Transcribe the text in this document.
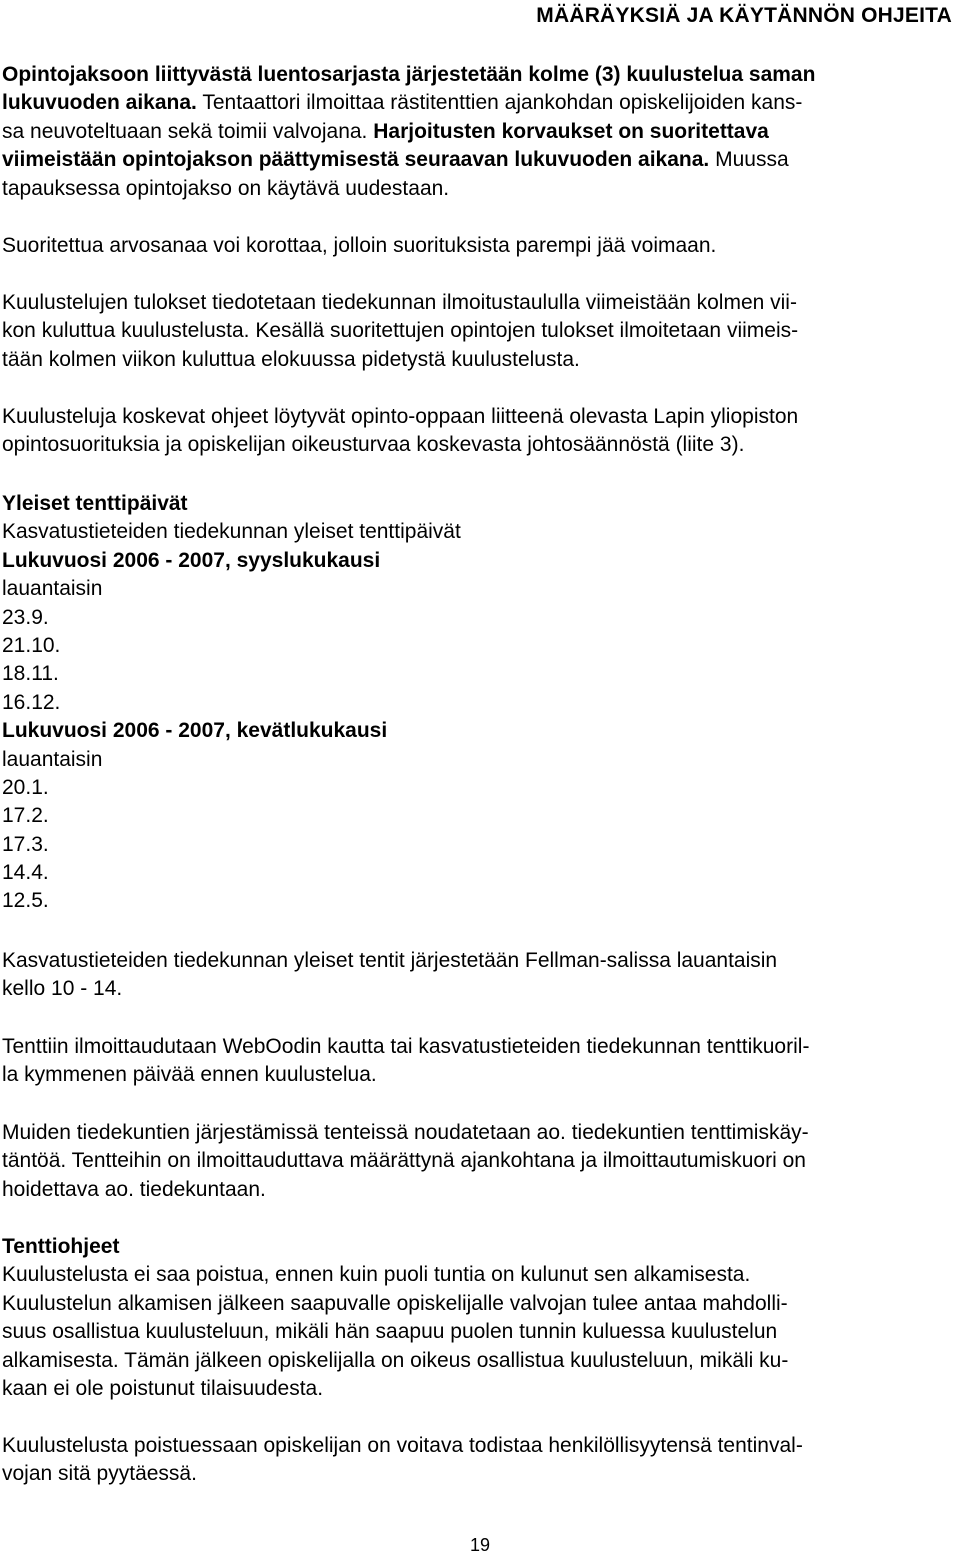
MÄÄRÄYKSIÄ JA KÄYTÄNNÖN OHJEITA
Opintojaksoon liittyvästä luentosarjasta järjestetään kolme (3) kuulustelua saman
lukuvuoden aikana. Tentaattori ilmoittaa rästitenttien ajankohdan opiskelijoiden kans-
sa neuvoteltuaan sekä toimii valvojana. Harjoitusten korvaukset on suoritettava
viimeistään opintojakson päättymisestä seuraavan lukuvuoden aikana. Muussa
tapauksessa opintojakso on käytävä uudestaan.
Suoritettua arvosanaa voi korottaa, jolloin suorituksista parempi jää voimaan.
Kuulustelujen tulokset tiedotetaan tiedekunnan ilmoitustaululla viimeistään kolmen vii-
kon kuluttua kuulustelusta. Kesällä suoritettujen opintojen tulokset ilmoitetaan viimeis-
tään kolmen viikon kuluttua elokuussa pidetystä kuulustelusta.
Kuulusteluja koskevat ohjeet löytyvät opinto-oppaan liitteenä olevasta Lapin yliopiston
opintosuorituksia ja opiskelijan oikeusturvaa koskevasta johtosäännöstä (liite 3).
Yleiset tenttipäivät
Kasvatustieteiden tiedekunnan yleiset tenttipäivät
Lukuvuosi 2006 - 2007, syyslukukausi
lauantaisin
23.9.
21.10.
18.11.
16.12.
Lukuvuosi 2006 - 2007, kevätlukukausi
lauantaisin
20.1.
17.2.
17.3.
14.4.
12.5.
Kasvatustieteiden tiedekunnan yleiset tentit järjestetään Fellman-salissa lauantaisin
kello 10 - 14.
Tenttiin ilmoittaudutaan WebOodin kautta tai kasvatustieteiden tiedekunnan tenttikuoril-
la kymmenen päivää ennen kuulustelua.
Muiden tiedekuntien järjestämissä tenteissä noudatetaan ao. tiedekuntien tenttimiskäy-
täntöä. Tentteihin on ilmoittauduttava määrättynä ajankohtana ja ilmoittautumiskuori on
hoidettava ao. tiedekuntaan.
Tenttiohjeet
Kuulustelusta ei saa poistua, ennen kuin puoli tuntia on kulunut sen alkamisesta.
Kuulustelun alkamisen jälkeen saapuvalle opiskelijalle valvojan tulee antaa mahdolli-
suus osallistua kuulusteluun, mikäli hän saapuu puolen tunnin kuluessa kuulustelun
alkamisesta. Tämän jälkeen opiskelijalla on oikeus osallistua kuulusteluun, mikäli ku-
kaan ei ole poistunut tilaisuudesta.
Kuulustelusta poistuessaan opiskelijan on voitava todistaa henkilöllisyytensä tentinval-
vojan sitä pyytäessä.
19
